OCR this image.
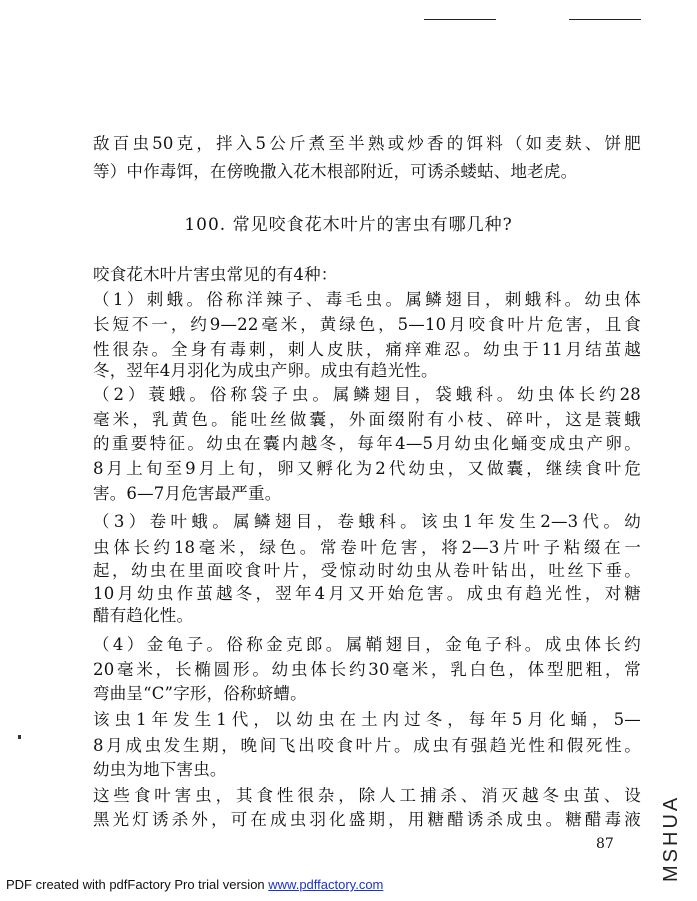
敌百虫50克，拌入5公斤煮至半熟或炒香的饵料（如麦麸、饼肥
等）中作毒饵，在傍晚撒入花木根部附近，可诱杀蝼蛄、地老虎。
100. 常见咬食花木叶片的害虫有哪几种?
咬食花木叶片害虫常见的有4种：
（1）刺蛾。俗称洋辣子、毒毛虫。属鳞翅目，刺蛾科。幼虫体
长短不一，约9—22毫米，黄绿色，5—10月咬食叶片危害，且食
性很杂。全身有毒刺，刺人皮肤，痛痒难忍。幼虫于11月结茧越
冬，翌年4月羽化为成虫产卵。成虫有趋光性。
（2）蓑蛾。俗称袋子虫。属鳞翅目，袋蛾科。幼虫体长约28
毫米，乳黄色。能吐丝做囊，外面缀附有小枝、碎叶，这是蓑蛾
的重要特征。幼虫在囊内越冬，每年4—5月幼虫化蛹变成虫产卵。
8月上旬至9月上旬，卵又孵化为2代幼虫，又做囊，继续食叶危
害。6—7月危害最严重。
（3）卷叶蛾。属鳞翅目，卷蛾科。该虫1年发生2—3代。幼
虫体长约18毫米，绿色。常卷叶危害，将2—3片叶子粘缀在一
起，幼虫在里面咬食叶片，受惊动时幼虫从卷叶钻出，吐丝下垂。
10月幼虫作茧越冬，翌年4月又开始危害。成虫有趋光性，对糖
醋有趋化性。
（4）金龟子。俗称金克郎。属鞘翅目，金龟子科。成虫体长约
20毫米，长椭圆形。幼虫体长约30毫米，乳白色，体型肥粗，常
弯曲呈“C”字形，俗称蛴螬。
该虫1年发生1代，以幼虫在土内过冬，每年5月化蛹，5—
8月成虫发生期，晚间飞出咬食叶片。成虫有强趋光性和假死性。
幼虫为地下害虫。
这些食叶害虫，其食性很杂，除人工捕杀、消灭越冬虫茧、设
黑光灯诱杀外，可在成虫羽化盛期，用糖醋诱杀成虫。糖醋毒液
87
PDF created with pdfFactory Pro trial version www.pdffactory.com
MSHUA
